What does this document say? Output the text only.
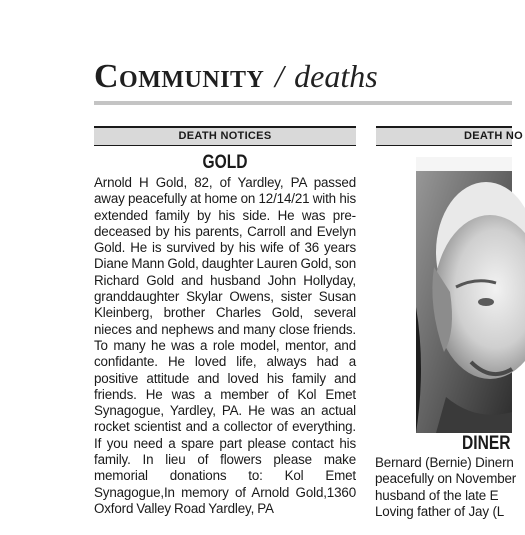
Community / deaths
DEATH NOTICES	DEATH NO
GOLD
Arnold H Gold, 82, of Yardley, PA passed away peacefully at home on 12/14/21 with his extended family by his side. He was pre-deceased by his parents, Carroll and Evelyn Gold. He is survived by his wife of 36 years Diane Mann Gold, daughter Lauren Gold, son Richard Gold and husband John Hollyday, granddaughter Skylar Owens, sister Susan Kleinberg, brother Charles Gold, several nieces and nephews and many close friends. To many he was a role model, mentor, and confidante. He loved life, always had a positive attitude and loved his family and friends. He was a member of Kol Emet Synagogue, Yardley, PA. He was an actual rocket scientist and a collector of everything. If you need a spare part please contact his family. In lieu of flowers please make memorial donations to: Kol Emet Synagogue,In memory of Arnold Gold,1360 Oxford Valley Road Yardley, PA
DINER
Bernard (Bernie) Dinern
peacefully on November
husband of the late E
Loving father of Jay (L
